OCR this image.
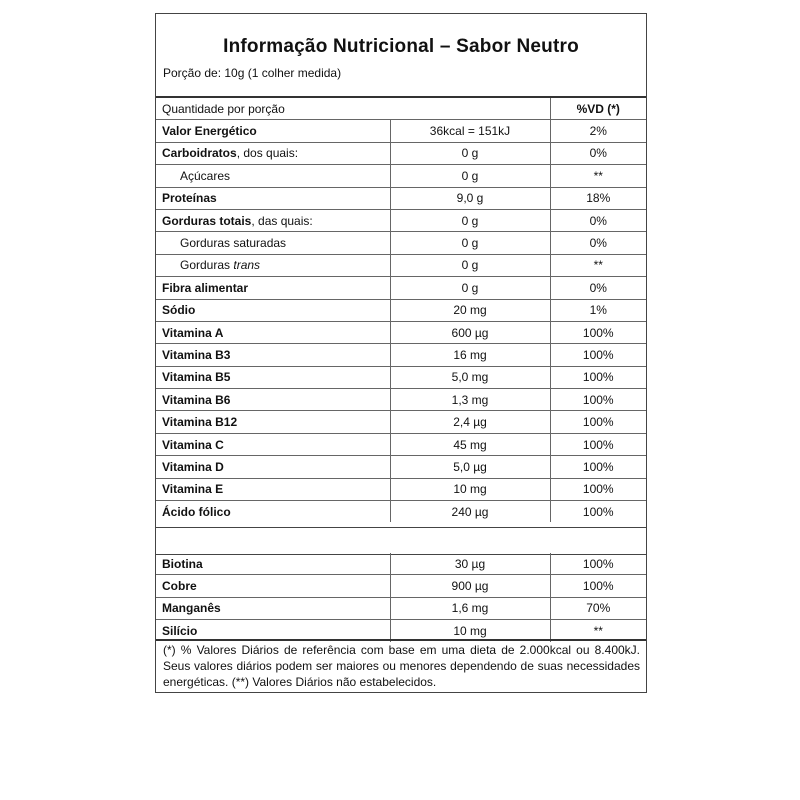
Informação Nutricional – Sabor Neutro
Porção de: 10g (1 colher medida)
Quantidade por porção		%VD (*)
Valor Energético	36kcal = 151kJ	2%
Carboidratos, dos quais:	0 g	0%
Açúcares	0 g	**
Proteínas	9,0 g	18%
Gorduras totais, das quais:	0 g	0%
Gorduras saturadas	0 g	0%
Gorduras trans	0 g	**
Fibra alimentar	0 g	0%
Sódio	20 mg	1%
Vitamina A	600 µg	100%
Vitamina B3	16 mg	100%
Vitamina B5	5,0 mg	100%
Vitamina B6	1,3 mg	100%
Vitamina B12	2,4 µg	100%
Vitamina C	45 mg	100%
Vitamina D	5,0 µg	100%
Vitamina E	10 mg	100%
Ácido fólico	240 µg	100%
Biotina	30 µg	100%
Cobre	900 µg	100%
Manganês	1,6 mg	70%
Silício	10 mg	**
(*) % Valores Diários de referência com base em uma dieta de 2.000kcal ou 8.400kJ. Seus valores diários podem ser maiores ou menores dependendo de suas necessidades energéticas. (**) Valores Diários não estabelecidos.
